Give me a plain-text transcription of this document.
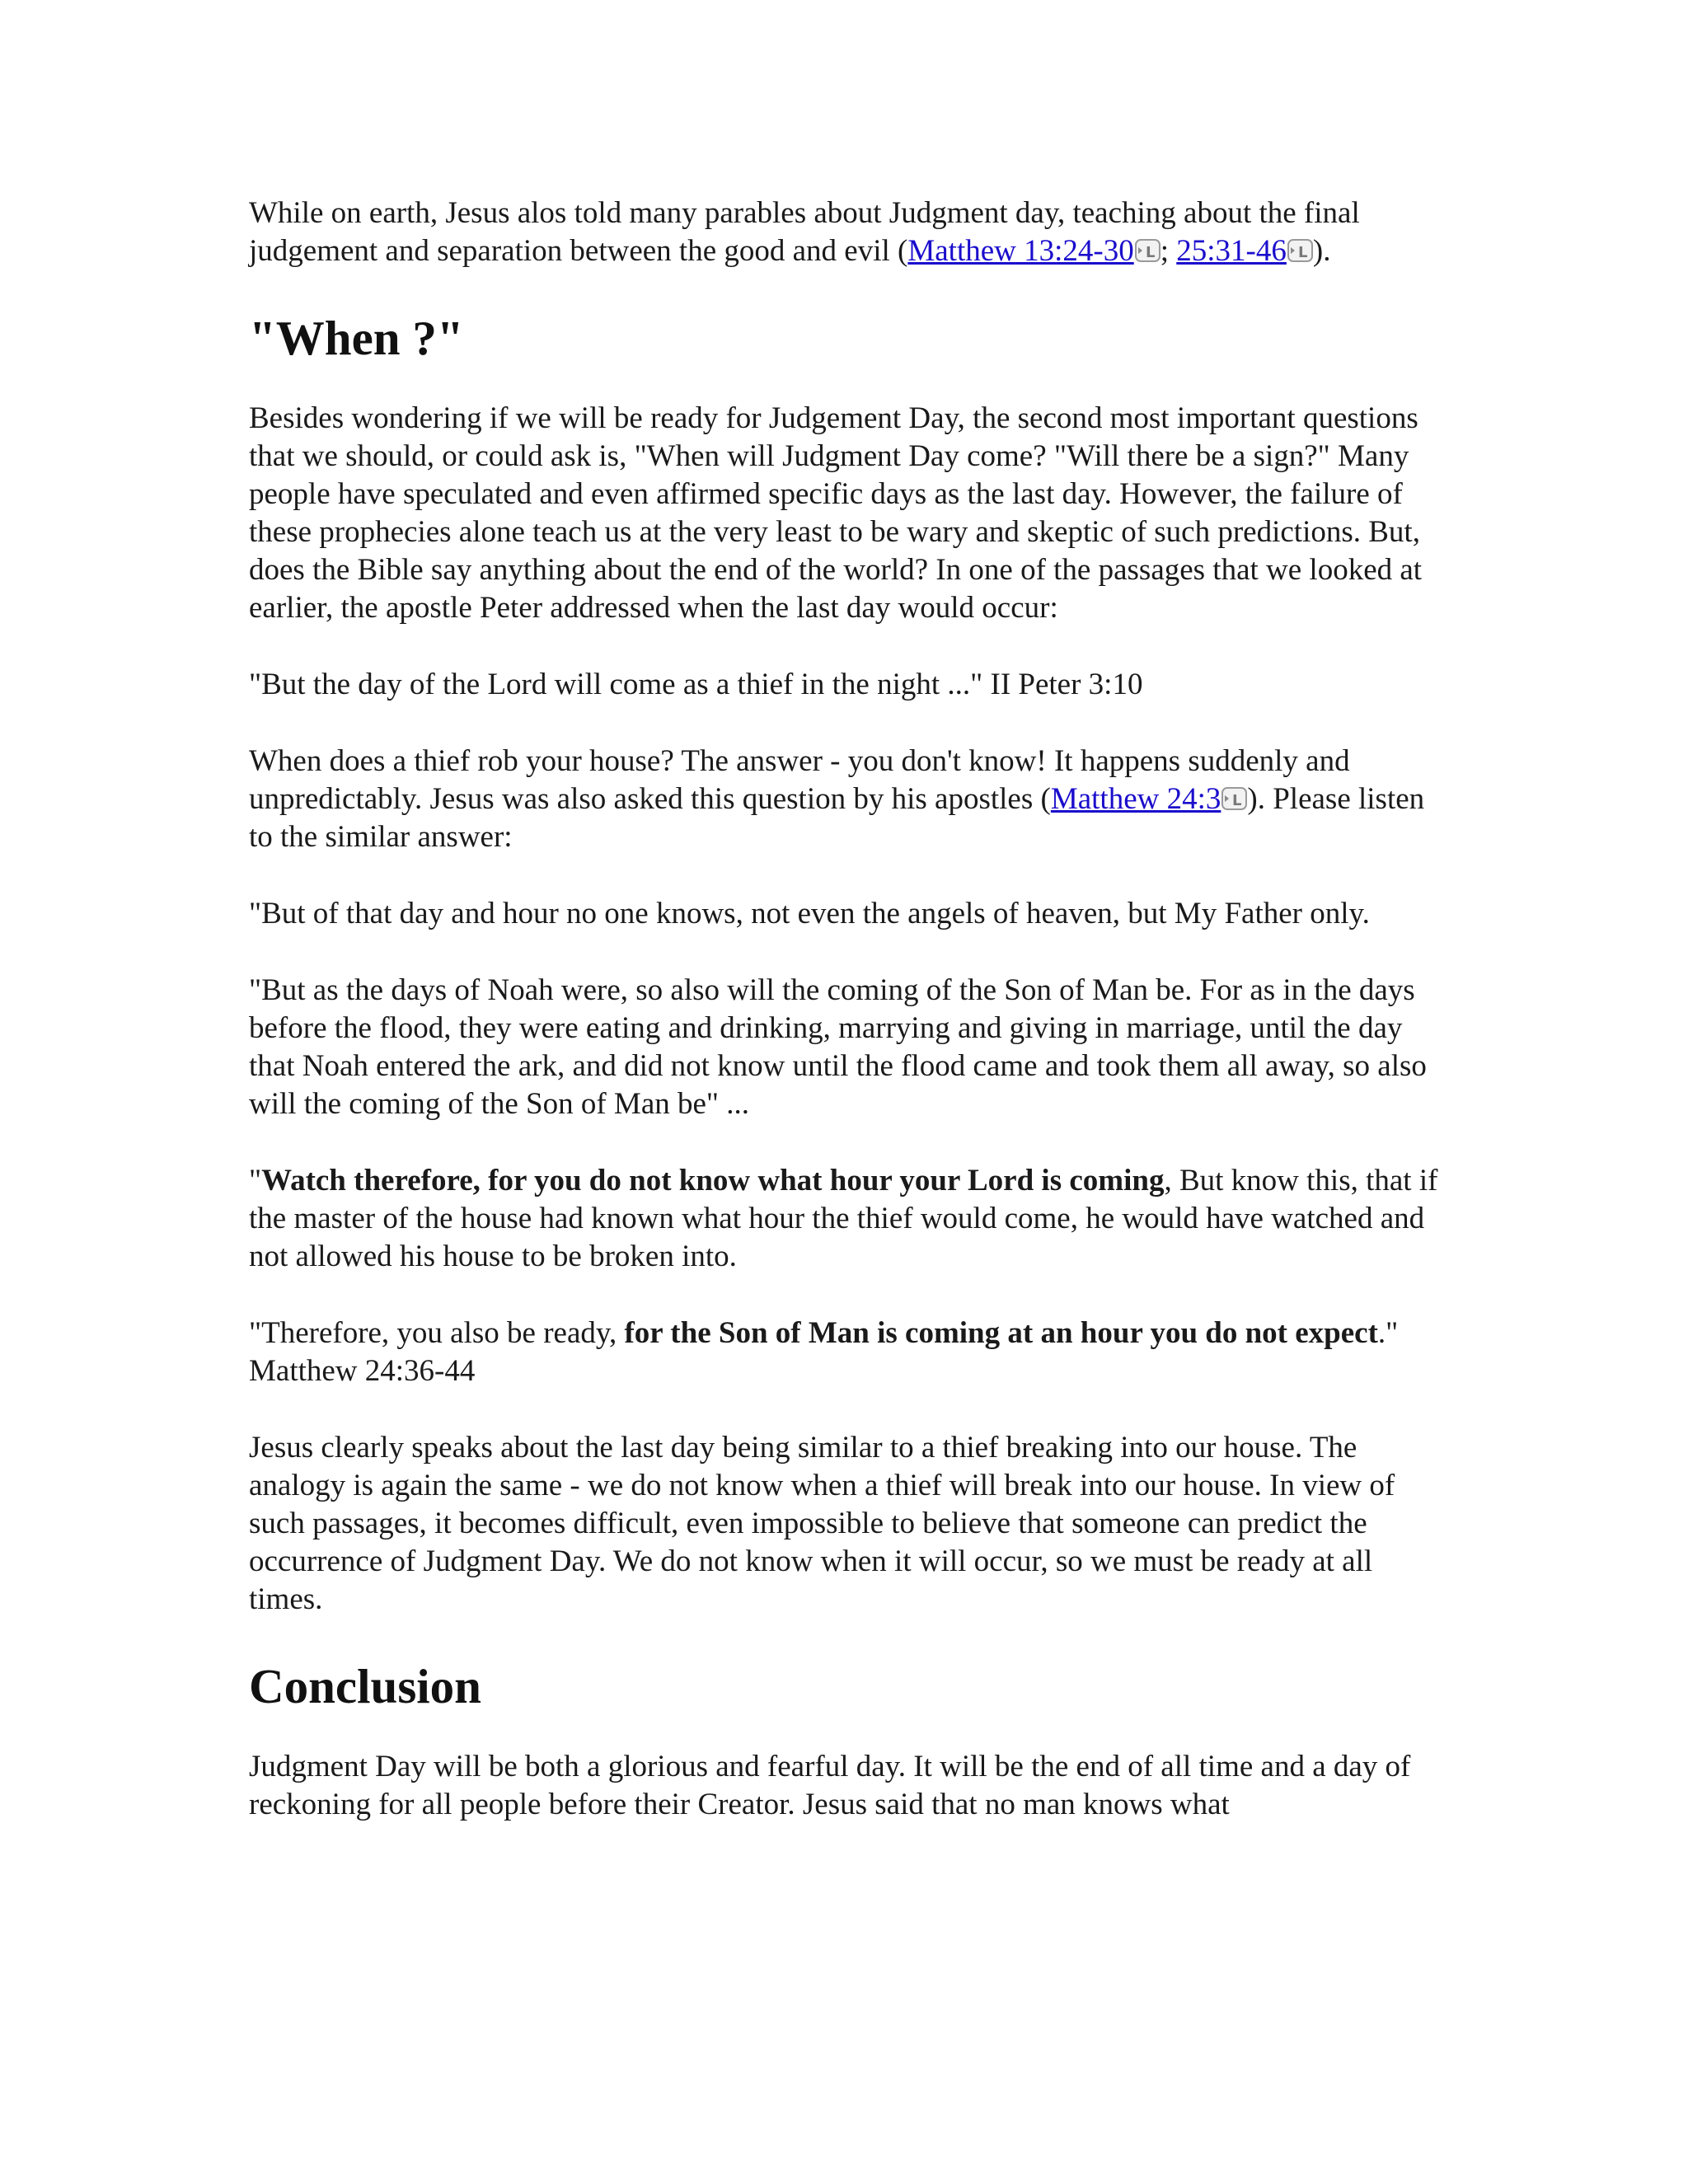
While on earth, Jesus alos told many parables about Judgment day, teaching about the final judgement and separation between the good and evil (Matthew 13:24-30 L ; 25:31-46 L ).

"When ?"

Besides wondering if we will be ready for Judgement Day, the second most important questions that we should, or could ask is, "When will Judgment Day come? "Will there be a sign?" Many people have speculated and even affirmed specific days as the last day. However, the failure of these prophecies alone teach us at the very least to be wary and skeptic of such predictions. But, does the Bible say anything about the end of the world? In one of the passages that we looked at earlier, the apostle Peter addressed when the last day would occur:

"But the day of the Lord will come as a thief in the night ..." II Peter 3:10

When does a thief rob your house? The answer - you don't know! It happens suddenly and unpredictably. Jesus was also asked this question by his apostles (Matthew 24:3 L ). Please listen to the similar answer:

"But of that day and hour no one knows, not even the angels of heaven, but My Father only.

"But as the days of Noah were, so also will the coming of the Son of Man be. For as in the days before the flood, they were eating and drinking, marrying and giving in marriage, until the day that Noah entered the ark, and did not know until the flood came and took them all away, so also will the coming of the Son of Man be" ...

"Watch therefore, for you do not know what hour your Lord is coming, But know this, that if the master of the house had known what hour the thief would come, he would have watched and not allowed his house to be broken into.

"Therefore, you also be ready, for the Son of Man is coming at an hour you do not expect." Matthew 24:36-44

Jesus clearly speaks about the last day being similar to a thief breaking into our house. The analogy is again the same - we do not know when a thief will break into our house. In view of such passages, it becomes difficult, even impossible to believe that someone can predict the occurrence of Judgment Day. We do not know when it will occur, so we must be ready at all times.

Conclusion

Judgment Day will be both a glorious and fearful day. It will be the end of all time and a day of reckoning for all people before their Creator. Jesus said that no man knows what
